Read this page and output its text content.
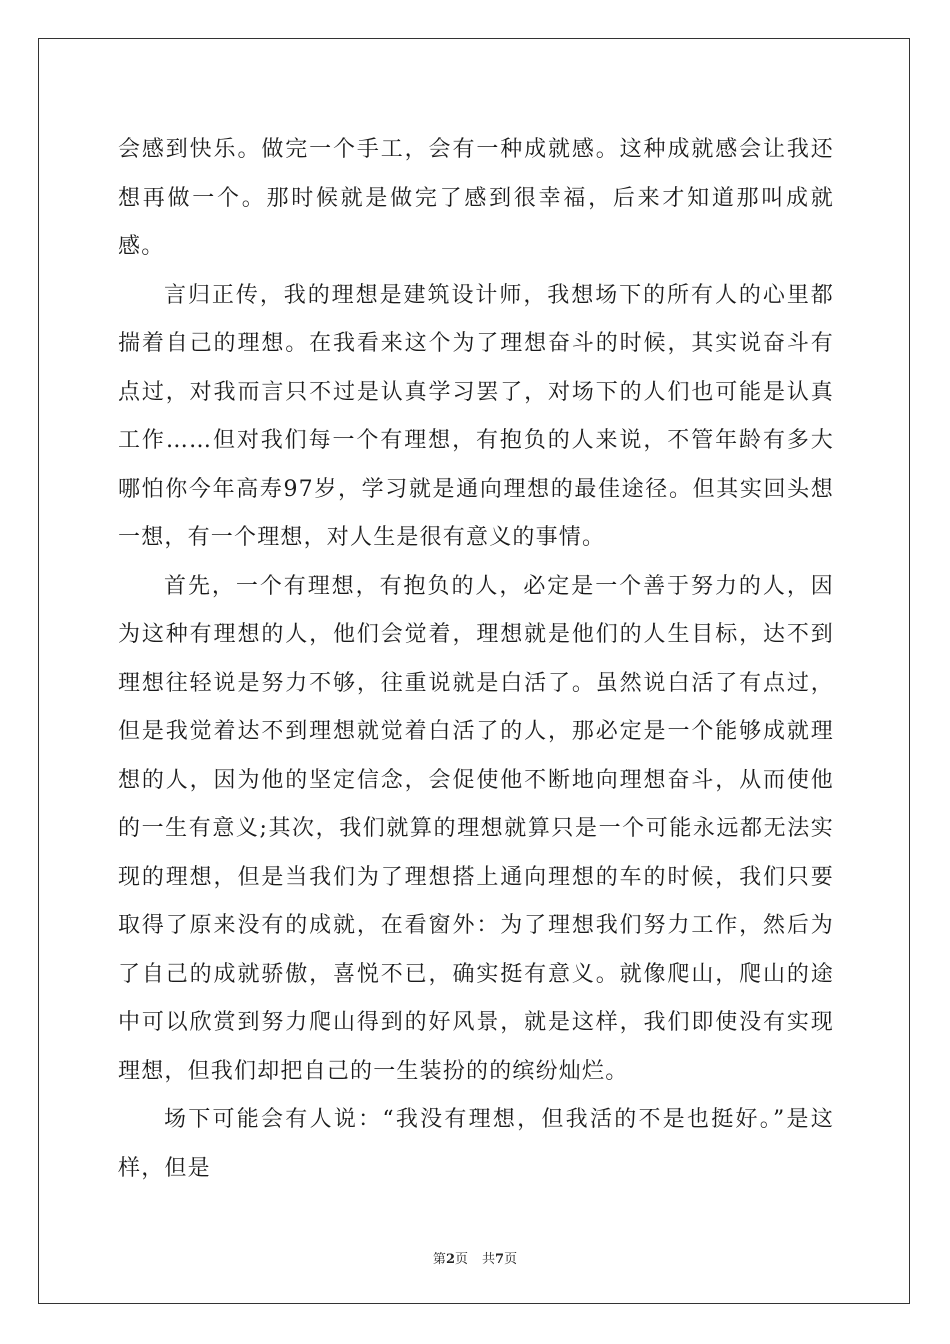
会感到快乐。做完一个手工，会有一种成就感。这种成就感会让我还想再做一个。那时候就是做完了感到很幸福，后来才知道那叫成就感。

言归正传，我的理想是建筑设计师，我想场下的所有人的心里都揣着自己的理想。在我看来这个为了理想奋斗的时候，其实说奋斗有点过，对我而言只不过是认真学习罢了，对场下的人们也可能是认真工作……但对我们每一个有理想，有抱负的人来说，不管年龄有多大哪怕你今年高寿97岁，学习就是通向理想的最佳途径。但其实回头想一想，有一个理想，对人生是很有意义的事情。

首先，一个有理想，有抱负的人，必定是一个善于努力的人，因为这种有理想的人，他们会觉着，理想就是他们的人生目标，达不到理想往轻说是努力不够，往重说就是白活了。虽然说白活了有点过，但是我觉着达不到理想就觉着白活了的人，那必定是一个能够成就理想的人，因为他的坚定信念，会促使他不断地向理想奋斗，从而使他的一生有意义;其次，我们就算的理想就算只是一个可能永远都无法实现的理想，但是当我们为了理想搭上通向理想的车的时候，我们只要取得了原来没有的成就，在看窗外：为了理想我们努力工作，然后为了自己的成就骄傲，喜悦不已，确实挺有意义。就像爬山，爬山的途中可以欣赏到努力爬山得到的好风景，就是这样，我们即使没有实现理想，但我们却把自己的一生装扮的的缤纷灿烂。

场下可能会有人说：“我没有理想，但我活的不是也挺好。”是这样，但是

第2页 共7页
